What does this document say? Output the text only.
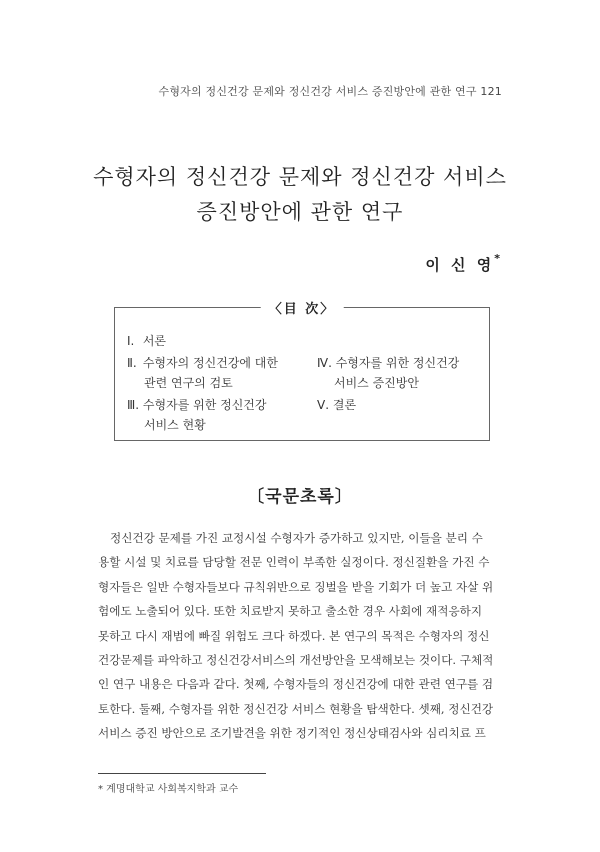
수형자의 정신건강 문제와 정신건강 서비스 증진방안에 관한 연구 121
수형자의 정신건강 문제와 정신건강 서비스
증진방안에 관한 연구
이 신 영*
〈目 次〉
Ⅰ. 서론
Ⅱ. 수형자의 정신건강에 대한
관련 연구의 검토
Ⅲ. 수형자를 위한 정신건강
서비스 현황
Ⅳ. 수형자를 위한 정신건강
서비스 증진방안
Ⅴ. 결론
〔국문초록〕
정신건강 문제를 가진 교정시설 수형자가 증가하고 있지만, 이들을 분리 수
용할 시설 및 치료를 담당할 전문 인력이 부족한 실정이다. 정신질환을 가진 수
형자들은 일반 수형자들보다 규칙위반으로 징벌을 받을 기회가 더 높고 자살 위
험에도 노출되어 있다. 또한 치료받지 못하고 출소한 경우 사회에 재적응하지
못하고 다시 재범에 빠질 위험도 크다 하겠다. 본 연구의 목적은 수형자의 정신
건강문제를 파악하고 정신건강서비스의 개선방안을 모색해보는 것이다. 구체적
인 연구 내용은 다음과 같다. 첫째, 수형자들의 정신건강에 대한 관련 연구를 검
토한다. 둘째, 수형자를 위한 정신건강 서비스 현황을 탐색한다. 셋째, 정신건강
서비스 증진 방안으로 조기발견을 위한 정기적인 정신상태검사와 심리치료 프
* 계명대학교 사회복지학과 교수
